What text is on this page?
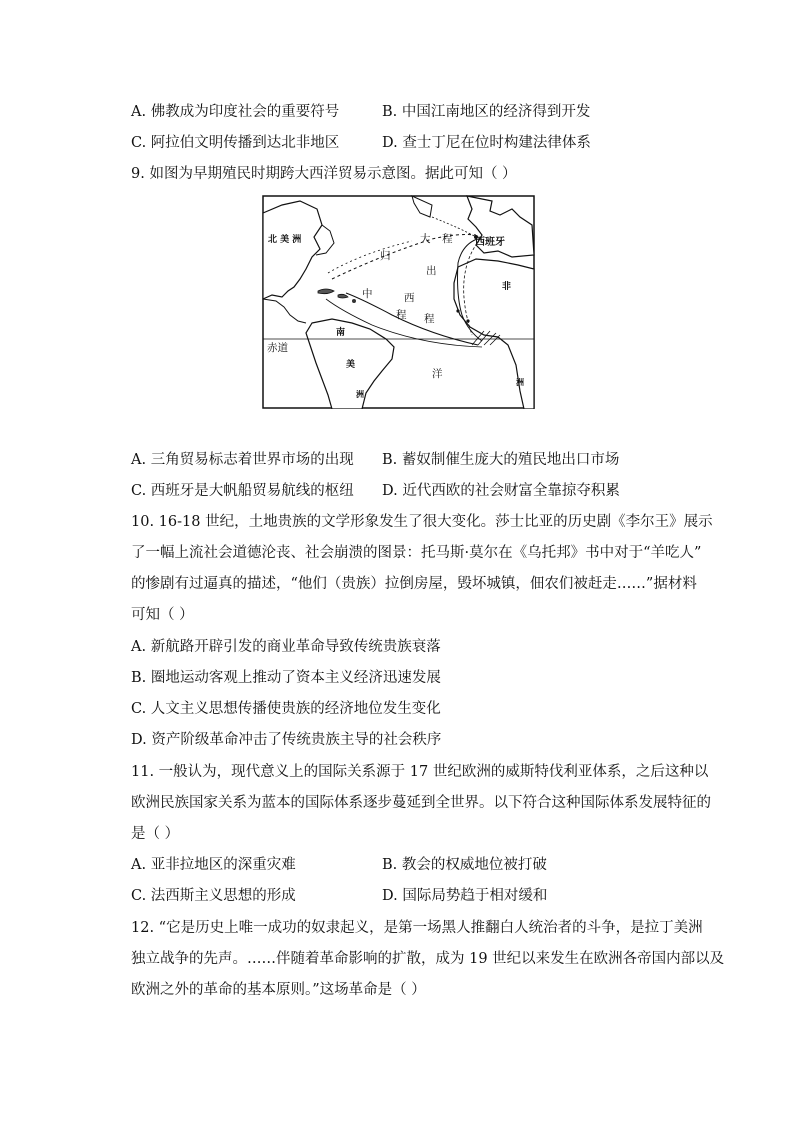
A. 佛教成为印度社会的重要符号	B. 中国江南地区的经济得到开发
C. 阿拉伯文明传播到达北非地区	D. 查士丁尼在位时构建法律体系
9. 如图为早期殖民时期跨大西洋贸易示意图。据此可知（ ）
北 美 洲	西班牙
大 程
归
出
中	西
程 程
非
洲
南
美
洲
赤道
洋
A. 三角贸易标志着世界市场的出现 B. 蓄奴制催生庞大的殖民地出口市场
C. 西班牙是大帆船贸易航线的枢纽 D. 近代西欧的社会财富全靠掠夺积累
10. 16-18 世纪，土地贵族的文学形象发生了很大变化。莎士比亚的历史剧《李尔王》展示
了一幅上流社会道德沦丧、社会崩溃的图景：托马斯·莫尔在《乌托邦》书中对于“羊吃人”
的惨剧有过逼真的描述，“他们（贵族）拉倒房屋，毁坏城镇，佃农们被赶走……”据材料
可知（ ）
A. 新航路开辟引发的商业革命导致传统贵族衰落
B. 圈地运动客观上推动了资本主义经济迅速发展
C. 人文主义思想传播使贵族的经济地位发生变化
D. 资产阶级革命冲击了传统贵族主导的社会秩序
11. 一般认为，现代意义上的国际关系源于 17 世纪欧洲的威斯特伐利亚体系，之后这种以
欧洲民族国家关系为蓝本的国际体系逐步蔓延到全世界。以下符合这种国际体系发展特征的
是（ ）
A. 亚非拉地区的深重灾难	B. 教会的权威地位被打破
C. 法西斯主义思想的形成	D. 国际局势趋于相对缓和
12. “它是历史上唯一成功的奴隶起义，是第一场黑人推翻白人统治者的斗争，是拉丁美洲
独立战争的先声。……伴随着革命影响的扩散，成为 19 世纪以来发生在欧洲各帝国内部以及
欧洲之外的革命的基本原则。”这场革命是（ ）
